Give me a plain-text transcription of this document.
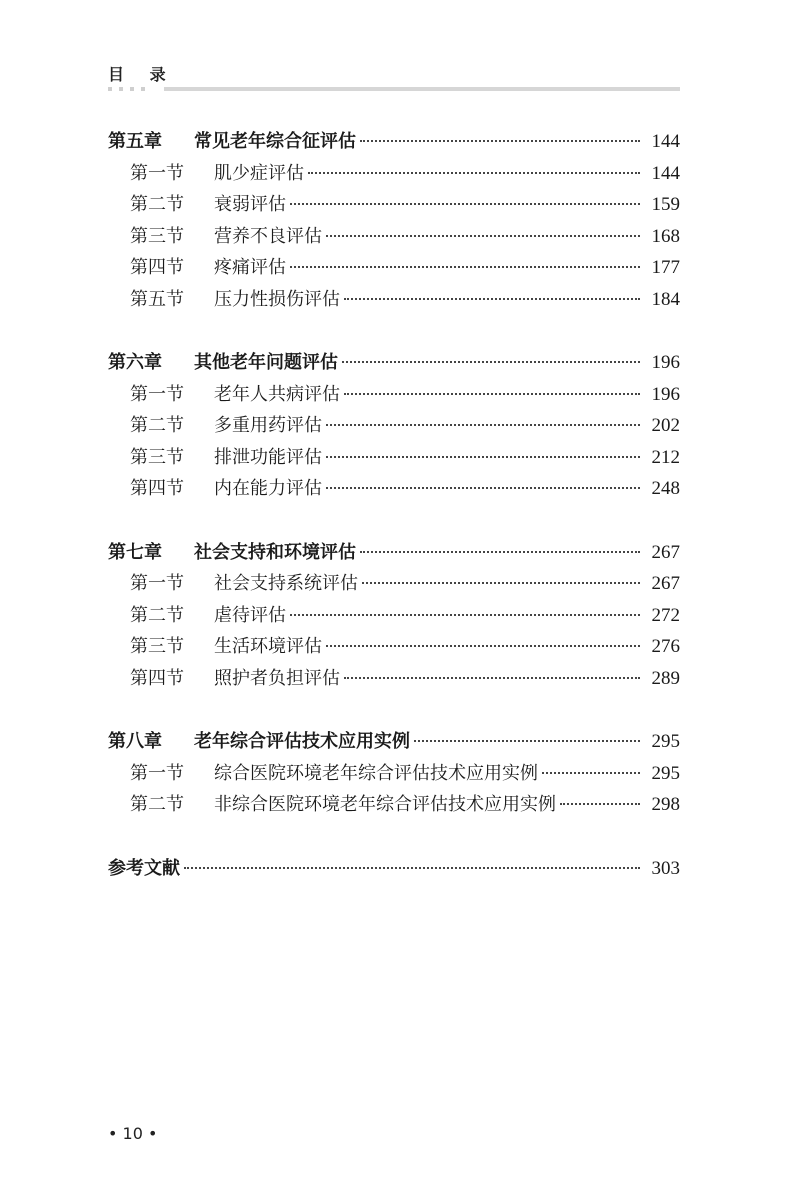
目 录
第五章	常见老年综合征评估	144
第一节	肌少症评估	144
第二节	衰弱评估	159
第三节	营养不良评估	168
第四节	疼痛评估	177
第五节	压力性损伤评估	184
第六章	其他老年问题评估	196
第一节	老年人共病评估	196
第二节	多重用药评估	202
第三节	排泄功能评估	212
第四节	内在能力评估	248
第七章	社会支持和环境评估	267
第一节	社会支持系统评估	267
第二节	虐待评估	272
第三节	生活环境评估	276
第四节	照护者负担评估	289
第八章	老年综合评估技术应用实例	295
第一节	综合医院环境老年综合评估技术应用实例	295
第二节	非综合医院环境老年综合评估技术应用实例	298
参考文献	303
• 10 •
